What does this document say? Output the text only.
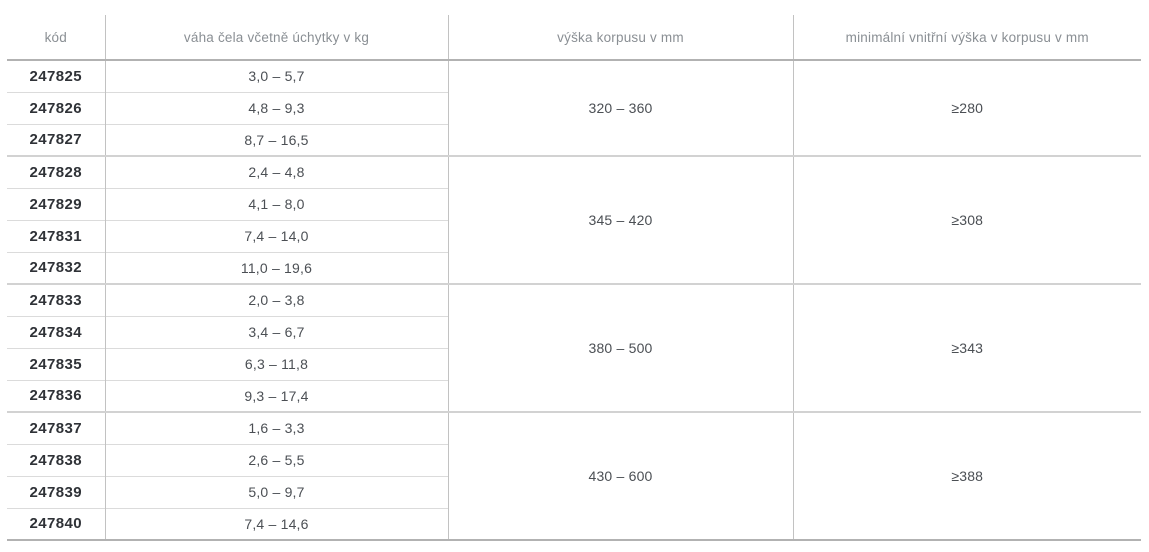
kód	váha čela včetně úchytky v kg	výška korpusu v mm	minimální vnitřní výška v korpusu v mm
247825	3,0 – 5,7	320 – 360	≥280
247826	4,8 – 9,3		
247827	8,7 – 16,5		
247828	2,4 – 4,8	345 – 420	≥308
247829	4,1 – 8,0		
247831	7,4 – 14,0		
247832	11,0 – 19,6		
247833	2,0 – 3,8	380 – 500	≥343
247834	3,4 – 6,7		
247835	6,3 – 11,8		
247836	9,3 – 17,4		
247837	1,6 – 3,3	430 – 600	≥388
247838	2,6 – 5,5		
247839	5,0 – 9,7		
247840	7,4 – 14,6		
